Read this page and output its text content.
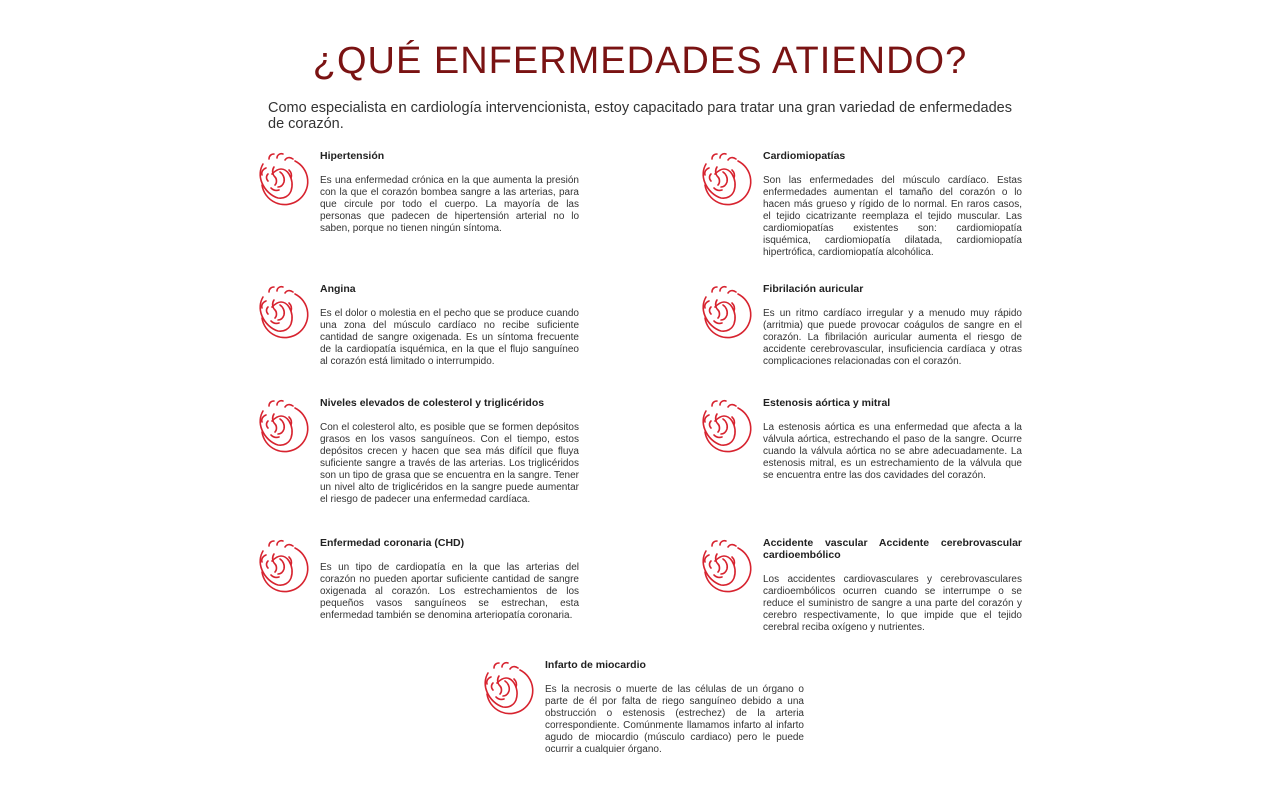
¿QUÉ ENFERMEDADES ATIENDO?

Como especialista en cardiología intervencionista, estoy capacitado para tratar una gran variedad de enfermedades de corazón.

Hipertensión

Es una enfermedad crónica en la que aumenta la presión con la que el corazón bombea sangre a las arterias, para que circule por todo el cuerpo. La mayoría de las personas que padecen de hipertensión arterial no lo saben, porque no tienen ningún síntoma.

Cardiomiopatías

Son las enfermedades del músculo cardíaco. Estas enfermedades aumentan el tamaño del corazón o lo hacen más grueso y rígido de lo normal. En raros casos, el tejido cicatrizante reemplaza el tejido muscular. Las cardiomiopatías existentes son: cardiomiopatía isquémica, cardiomiopatía dilatada, cardiomiopatía hipertrófica, cardiomiopatía alcohólica.

Angina

Es el dolor o molestia en el pecho que se produce cuando una zona del músculo cardíaco no recibe suficiente cantidad de sangre oxigenada. Es un síntoma frecuente de la cardiopatía isquémica, en la que el flujo sanguíneo al corazón está limitado o interrumpido.

Fibrilación auricular

Es un ritmo cardíaco irregular y a menudo muy rápido (arritmia) que puede provocar coágulos de sangre en el corazón. La fibrilación auricular aumenta el riesgo de accidente cerebrovascular, insuficiencia cardíaca y otras complicaciones relacionadas con el corazón.

Niveles elevados de colesterol y triglicéridos

Con el colesterol alto, es posible que se formen depósitos grasos en los vasos sanguíneos. Con el tiempo, estos depósitos crecen y hacen que sea más difícil que fluya suficiente sangre a través de las arterias. Los triglicéridos son un tipo de grasa que se encuentra en la sangre. Tener un nivel alto de triglicéridos en la sangre puede aumentar el riesgo de padecer una enfermedad cardíaca.

Estenosis aórtica y mitral

La estenosis aórtica es una enfermedad que afecta a la válvula aórtica, estrechando el paso de la sangre. Ocurre cuando la válvula aórtica no se abre adecuadamente. La estenosis mitral, es un estrechamiento de la válvula que se encuentra entre las dos cavidades del corazón.

Enfermedad coronaria (CHD)

Es un tipo de cardiopatía en la que las arterias del corazón no pueden aportar suficiente cantidad de sangre oxigenada al corazón. Los estrechamientos de los pequeños vasos sanguíneos se estrechan, esta enfermedad también se denomina arteriopatía coronaria.

Accidente vascular Accidente cerebrovascular cardioembólico

Los accidentes cardiovasculares y cerebrovasculares cardioembólicos ocurren cuando se interrumpe o se reduce el suministro de sangre a una parte del corazón y cerebro respectivamente, lo que impide que el tejido cerebral reciba oxígeno y nutrientes.

Infarto de miocardio

Es la necrosis o muerte de las células de un órgano o parte de él por falta de riego sanguíneo debido a una obstrucción o estenosis (estrechez) de la arteria correspondiente. Comúnmente llamamos infarto al infarto agudo de miocardio (músculo cardiaco) pero le puede ocurrir a cualquier órgano.
